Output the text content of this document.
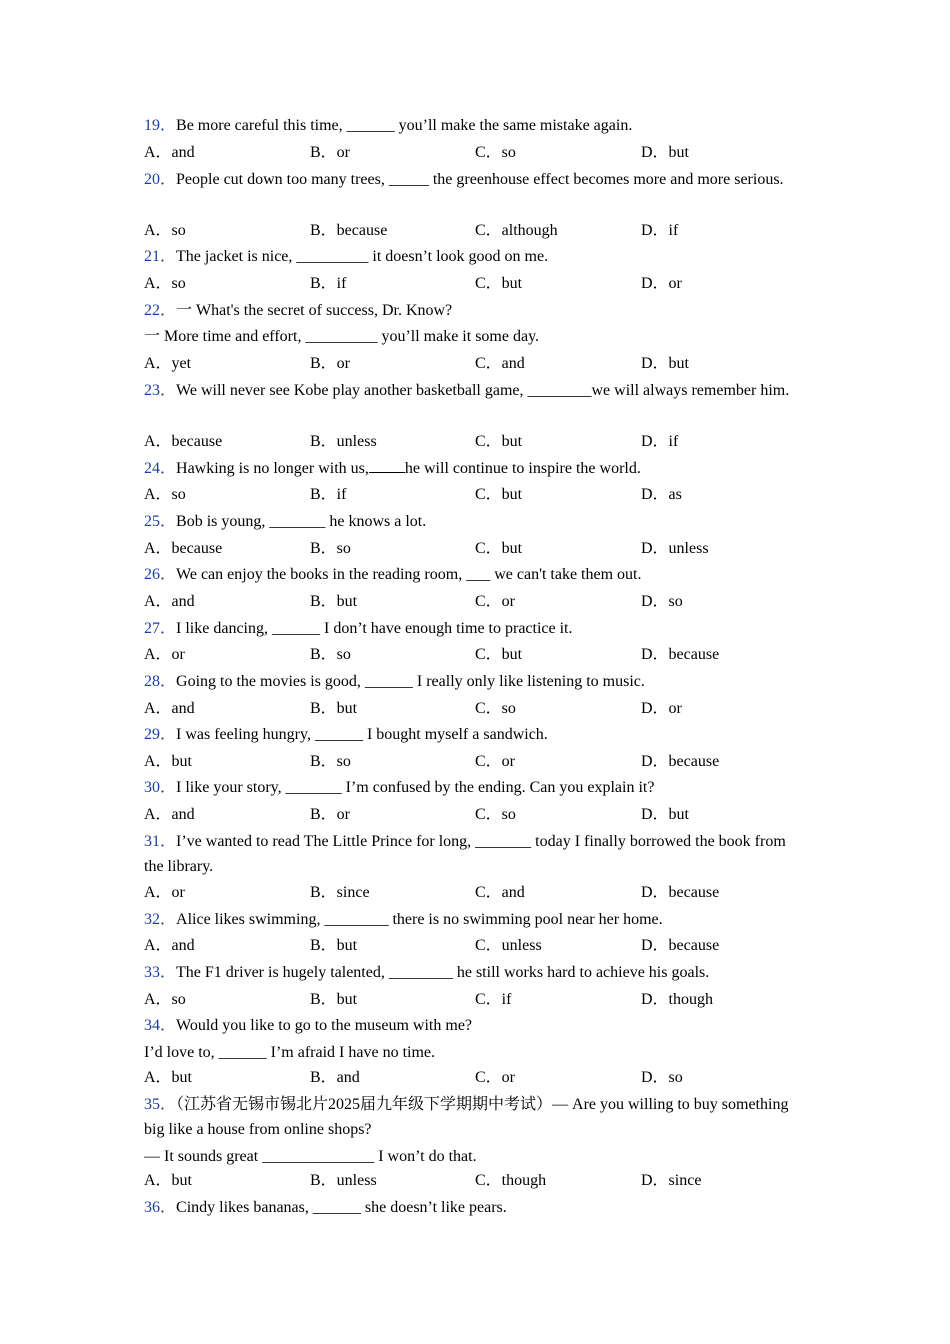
19．Be more careful this time, ______ you’ll make the same mistake again.
A．and	B．or	C．so	D．but
20．People cut down too many trees, _____ the greenhouse effect becomes more and more serious.
A．so	B．because	C．although	D．if
21．The jacket is nice, _________ it doesn’t look good on me.
A．so	B．if	C．but	D．or
22．一 What's the secret of success, Dr. Know?
一 More time and effort, _________ you’ll make it some day.
A．yet	B．or	C．and	D．but
23．We will never see Kobe play another basketball game, ________we will always remember him.
A．because	B．unless	C．but	D．if
24．Hawking is no longer with us, he will continue to inspire the world.
A．so	B．if	C．but	D．as
25．Bob is young, _______ he knows a lot.
A．because	B．so	C．but	D．unless
26．We can enjoy the books in the reading room, ___ we can't take them out.
A．and	B．but	C．or	D．so
27．I like dancing, ______ I don’t have enough time to practice it.
A．or	B．so	C．but	D．because
28．Going to the movies is good, ______ I really only like listening to music.
A．and	B．but	C．so	D．or
29．I was feeling hungry, ______ I bought myself a sandwich.
A．but	B．so	C．or	D．because
30．I like your story, _______ I’m confused by the ending. Can you explain it?
A．and	B．or	C．so	D．but
31．I’ve wanted to read The Little Prince for long, _______ today I finally borrowed the book from the library.
A．or	B．since	C．and	D．because
32．Alice likes swimming, ________ there is no swimming pool near her home.
A．and	B．but	C．unless	D．because
33．The F1 driver is hugely talented, ________ he still works hard to achieve his goals.
A．so	B．but	C．if	D．though
34．Would you like to go to the museum with me?
I’d love to, ______ I’m afraid I have no time.
A．but	B．and	C．or	D．so
35．（江苏省无锡市锡北片2025届九年级下学期期中考试）— Are you willing to buy something big like a house from online shops?
— It sounds great ______________ I won’t do that.
A．but	B．unless	C．though	D．since
36．Cindy likes bananas, ______ she doesn’t like pears.
